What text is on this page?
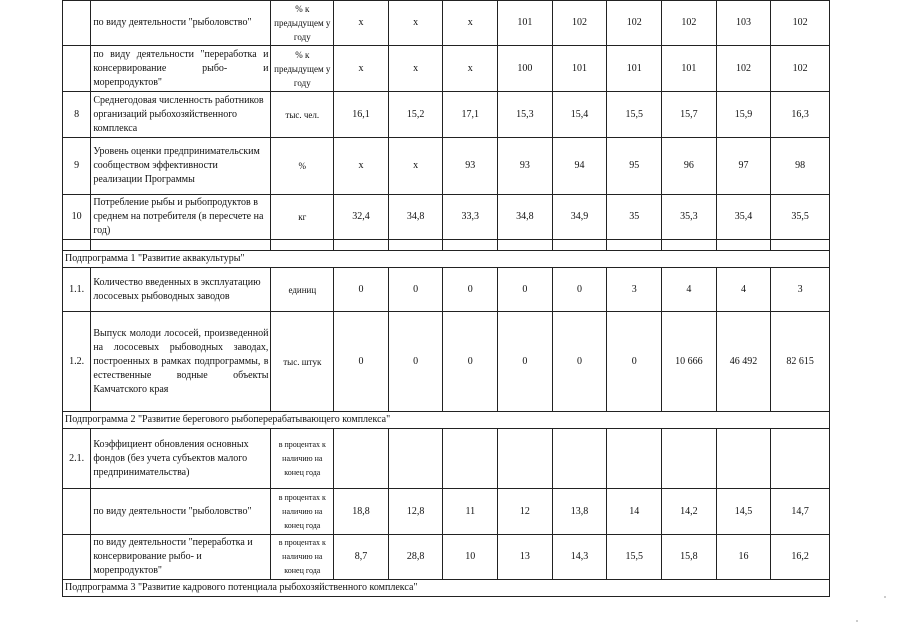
	по виду деятельности "рыболовство"	% к предыдущем у году	х	х	х	101	102	102	102	103	102
	по виду деятельности "переработка и консервирование рыбо- и морепродуктов"	% к предыдущем у году	х	х	х	100	101	101	101	102	102
8	Среднегодовая численность работников организаций рыбохозяйственного комплекса	тыс. чел.	16,1	15,2	17,1	15,3	15,4	15,5	15,7	15,9	16,3
9	Уровень оценки предпринимательским сообществом эффективности реализации Программы	%	х	х	93	93	94	95	96	97	98
10	Потребление рыбы и рыбопродуктов в среднем на потребителя (в пересчете на год)	кг	32,4	34,8	33,3	34,8	34,9	35	35,3	35,4	35,5

Подпрограмма 1 "Развитие аквакультуры"											
1.1.	Количество введенных в эксплуатацию лососевых рыбоводных заводов	единиц	0	0	0	0	0	3	4	4	3
1.2.	Выпуск молоди лососей, произведенной на лососевых рыбоводных заводах, построенных в рамках подпрограммы, в естественные водные объекты Камчатского края	тыс. штук	0	0	0	0	0	0	10 666	46 492	82 615
Подпрограмма 2 "Развитие берегового рыбоперерабатывающего комплекса"											
2.1.	Коэффициент обновления основных фондов (без учета субъектов малого предпринимательства)	в процентах к наличию на конец года									
	по виду деятельности "рыболовство"	в процентах к наличию на конец года	18,8	12,8	11	12	13,8	14	14,2	14,5	14,7
	по виду деятельности "переработка и консервирование рыбо- и морепродуктов"	в процентах к наличию на конец года	8,7	28,8	10	13	14,3	15,5	15,8	16	16,2
Подпрограмма 3 "Развитие кадрового потенциала рыбохозяйственного комплекса"											
